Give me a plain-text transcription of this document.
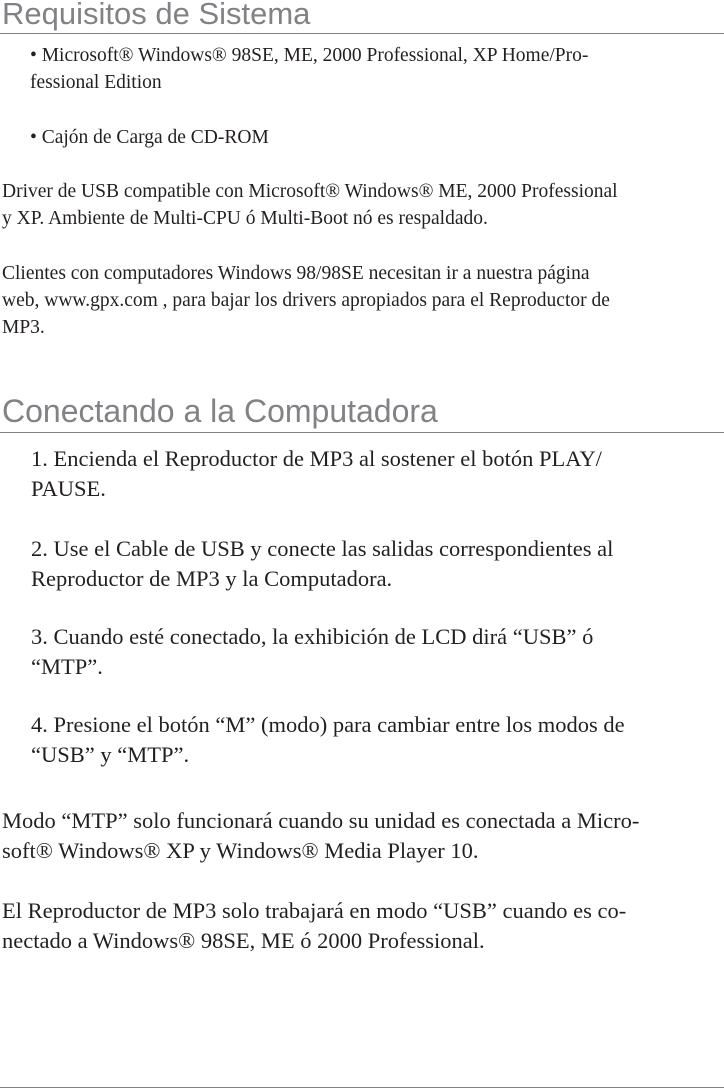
Requisitos de Sistema

• Microsoft® Windows® 98SE, ME, 2000 Professional, XP Home/Pro-
fessional Edition

• Cajón de Carga de CD-ROM

Driver de USB compatible con Microsoft® Windows® ME, 2000 Professional
y XP. Ambiente de Multi-CPU ó Multi-Boot nó es respaldado.

Clientes con computadores Windows 98/98SE necesitan ir a nuestra página
web, www.gpx.com , para bajar los drivers apropiados para el Reproductor de
MP3.

Conectando a la Computadora

1. Encienda el Reproductor de MP3 al sostener el botón PLAY/
PAUSE.

2. Use el Cable de USB y conecte las salidas correspondientes al
Reproductor de MP3 y la Computadora.

3. Cuando esté conectado, la exhibición de LCD dirá “USB” ó
“MTP”.

4. Presione el botón “M” (modo) para cambiar entre los modos de
“USB” y “MTP”.

Modo “MTP” solo funcionará cuando su unidad es conectada a Micro-
soft® Windows® XP y Windows® Media Player 10.

El Reproductor de MP3 solo trabajará en modo “USB” cuando es co-
nectado a Windows® 98SE, ME ó 2000 Professional.
